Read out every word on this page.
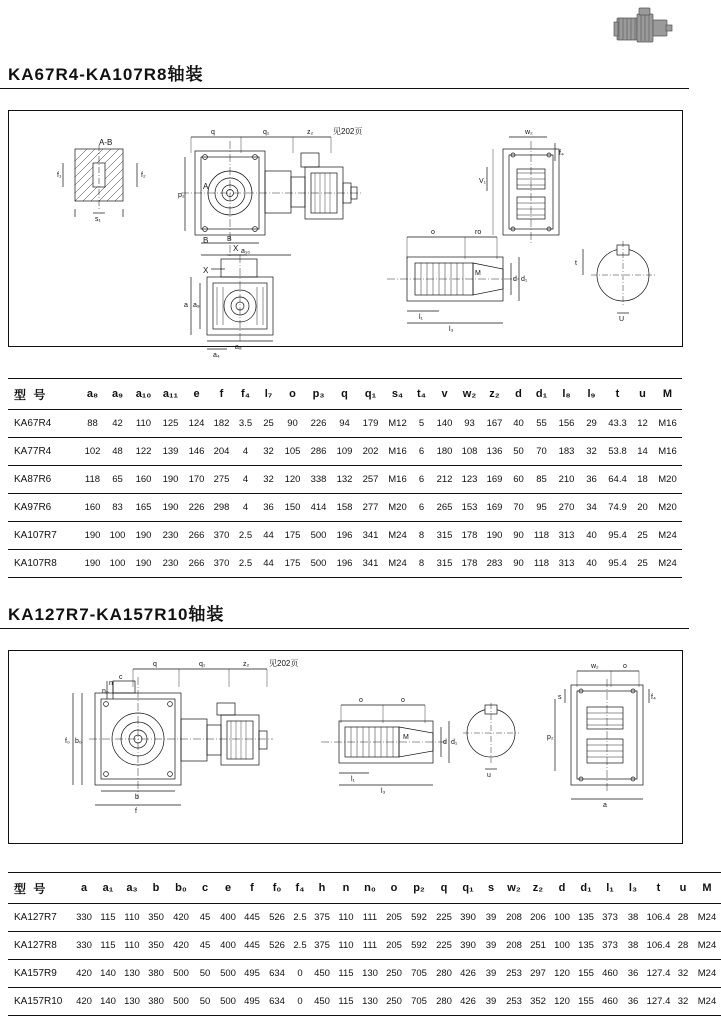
KA67R4-KA107R8轴装
A-B
f₁	f₂
s₁
q	q₁	z₂ 见202页
A
B
p₂
a₁₀
B
X
X
a a₉
a₈
a₄
o	ro
M
d d₁
l₁
l₃
t
U
w₂
f₄
V₁
型 号	a₈	a₉	a₁₀	a₁₁	e	f	f₄	l₇	o	p₃	q	q₁	s₄	t₄	v	w₂	z₂	d	d₁	l₈	l₉	t	u	M
KA67R4	88	42	110	125	124	182	3.5	25	90	226	94	179	M12	5	140	93	167	40	55	156	29	43.3	12	M16
KA77R4	102	48	122	139	146	204	4	32	105	286	109	202	M16	6	180	108	136	50	70	183	32	53.8	14	M16
KA87R6	118	65	160	190	170	275	4	32	120	338	132	257	M16	6	212	123	169	60	85	210	36	64.4	18	M20
KA97R6	160	83	165	190	226	298	4	36	150	414	158	277	M20	6	265	153	169	70	95	270	34	74.9	20	M20
KA107R7	190	100	190	230	266	370	2.5	44	175	500	196	341	M24	8	315	178	190	90	118	313	40	95.4	25	M24
KA107R8	190	100	190	230	266	370	2.5	44	175	500	196	341	M24	8	315	178	283	90	118	313	40	95.4	25	M24
KA127R7-KA157R10轴装
q	q₁	z₂ 见202页
c
f₀ b₀
n₀
n
b
f
o	o
M
d d₁
l₁
l₃
u
w₂	o
s	f₄
p₂
a
型 号	a	a₁	a₃	b	b₀	c	e	f	f₀	f₄	h	n	n₀	o	p₂	q	q₁	s	w₂	z₂	d	d₁	l₁	l₃	t	u	M
KA127R7	330	115	110	350	420	45	400	445	526	2.5	375	110	111	205	592	225	390	39	208	206	100	135	373	38	106.4	28	M24
KA127R8	330	115	110	350	420	45	400	445	526	2.5	375	110	111	205	592	225	390	39	208	251	100	135	373	38	106.4	28	M24
KA157R9	420	140	130	380	500	50	500	495	634	0	450	115	130	250	705	280	426	39	253	297	120	155	460	36	127.4	32	M24
KA157R10	420	140	130	380	500	50	500	495	634	0	450	115	130	250	705	280	426	39	253	352	120	155	460	36	127.4	32	M24
